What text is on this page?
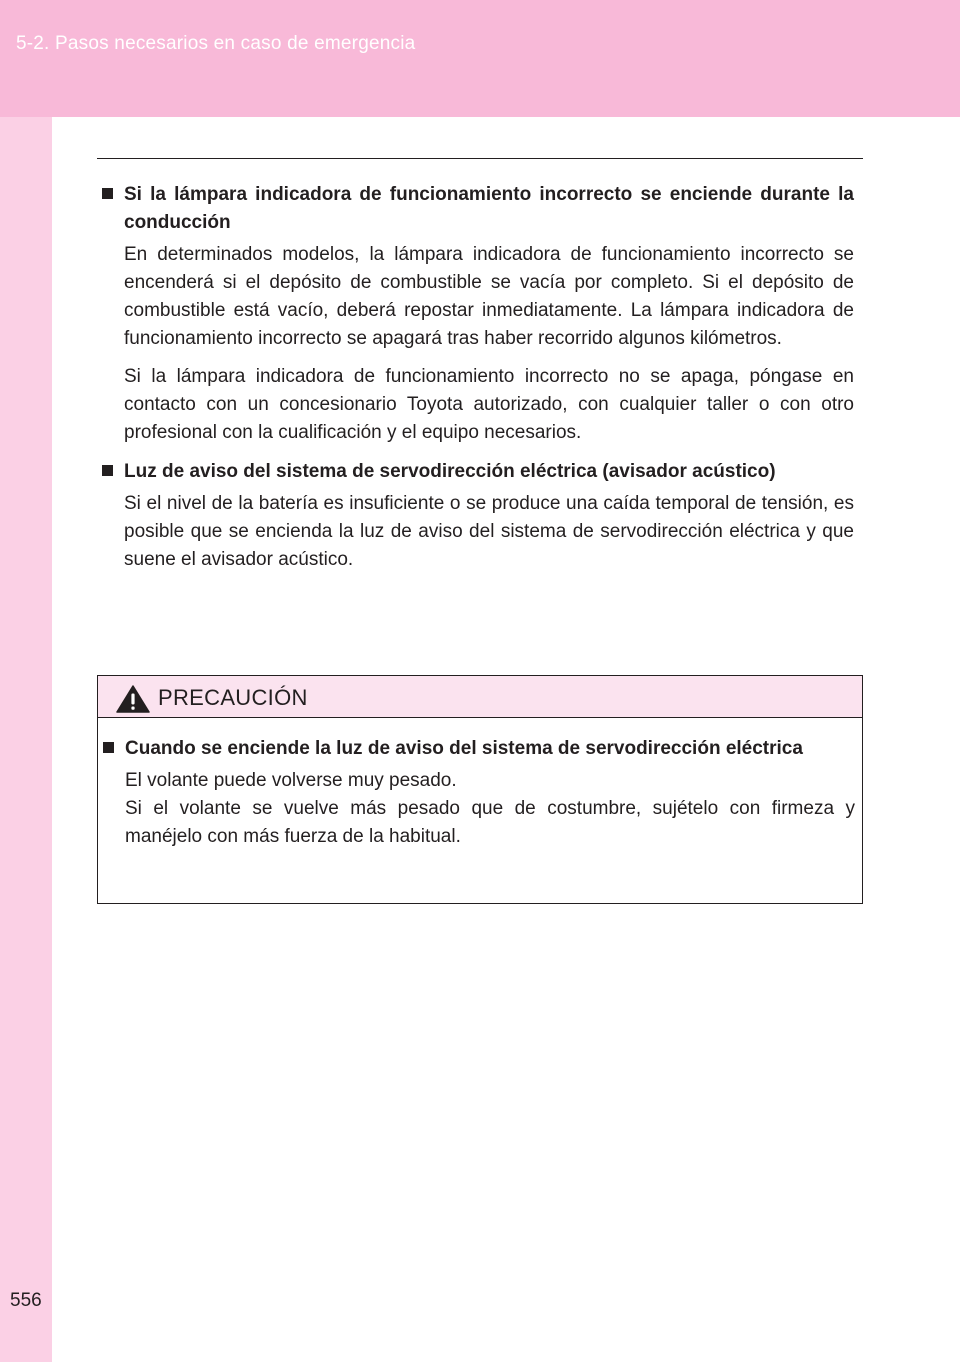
5-2. Pasos necesarios en caso de emergencia
556

Si la lámpara indicadora de funcionamiento incorrecto se enciende durante la conducción

En determinados modelos, la lámpara indicadora de funcionamiento incorrecto se encenderá si el depósito de combustible se vacía por completo. Si el depósito de combustible está vacío, deberá repostar inmediatamente. La lámpara indicadora de funcionamiento incorrecto se apagará tras haber recorrido algunos kilómetros.

Si la lámpara indicadora de funcionamiento incorrecto no se apaga, póngase en contacto con un concesionario Toyota autorizado, con cualquier taller o con otro profesional con la cualificación y el equipo necesarios.

Luz de aviso del sistema de servodirección eléctrica (avisador acústico)

Si el nivel de la batería es insuficiente o se produce una caída temporal de tensión, es posible que se encienda la luz de aviso del sistema de servodirección eléctrica y que suene el avisador acústico.

PRECAUCIÓN

Cuando se enciende la luz de aviso del sistema de servodirección eléctrica

El volante puede volverse muy pesado.

Si el volante se vuelve más pesado que de costumbre, sujételo con firmeza y manéjelo con más fuerza de la habitual.
